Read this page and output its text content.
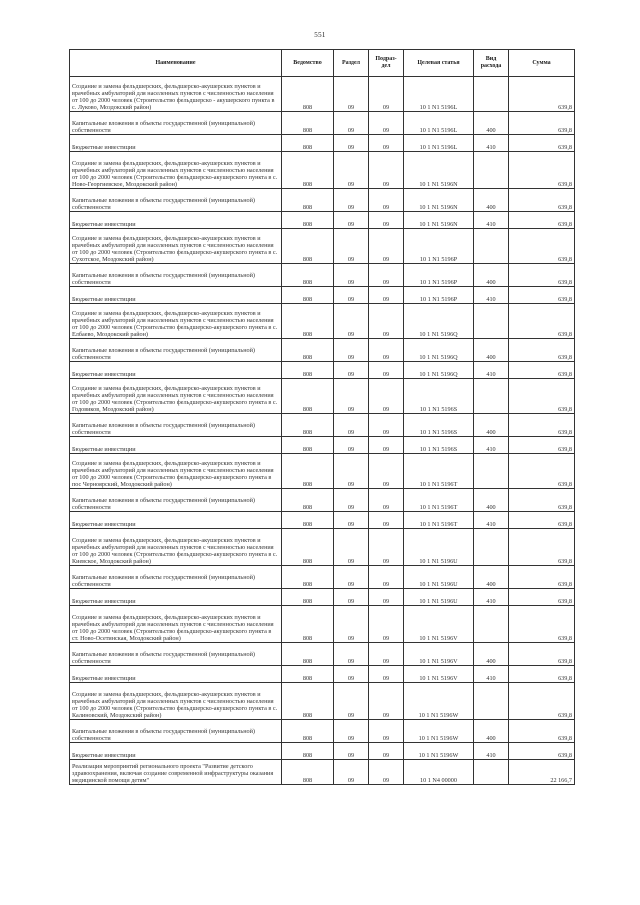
551
Наименование	Ведомство	Раздел	Подраз-дел	Целевая статья	Вид расхода	Сумма
Создание и замена фельдшерских, фельдшерско-акушерских пунктов и врачебных амбулаторий для населенных пунктов с численностью населения от 100 до 2000 человек (Строительство фельдшерско - акушерского пункта в с. Луково, Моздокский район)	808	09	09	10 1 N1 5196L		639,8
Капитальные вложения в объекты государственной (муниципальной) собственности	808	09	09	10 1 N1 5196L	400	639,8
Бюджетные инвестиции	808	09	09	10 1 N1 5196L	410	639,8
Создание и замена фельдшерских, фельдшерско-акушерских пунктов и врачебных амбулаторий для населенных пунктов с численностью населения от 100 до 2000 человек (Строительство фельдшерско-акушерского пункта в с. Ново-Георгиевское, Моздокский район)	808	09	09	10 1 N1 5196N		639,8
Капитальные вложения в объекты государственной (муниципальной) собственности	808	09	09	10 1 N1 5196N	400	639,8
Бюджетные инвестиции	808	09	09	10 1 N1 5196N	410	639,8
Создание и замена фельдшерских, фельдшерско-акушерских пунктов и врачебных амбулаторий для населенных пунктов с численностью населения от 100 до 2000 человек (Строительство фельдшерско-акушерского пункта в с. Сухотское, Моздокский район)	808	09	09	10 1 N1 5196P		639,8
Капитальные вложения в объекты государственной (муниципальной) собственности	808	09	09	10 1 N1 5196P	400	639,8
Бюджетные инвестиции	808	09	09	10 1 N1 5196P	410	639,8
Создание и замена фельдшерских, фельдшерско-акушерских пунктов и врачебных амбулаторий для населенных пунктов с численностью населения от 100 до 2000 человек (Строительство фельдшерско-акушерского пункта в с. Елбаево, Моздокский район)	808	09	09	10 1 N1 5196Q		639,8
Капитальные вложения в объекты государственной (муниципальной) собственности	808	09	09	10 1 N1 5196Q	400	639,8
Бюджетные инвестиции	808	09	09	10 1 N1 5196Q	410	639,8
Создание и замена фельдшерских, фельдшерско-акушерских пунктов и врачебных амбулаторий для населенных пунктов с численностью населения от 100 до 2000 человек (Строительство фельдшерско-акушерского пункта в с. Годовиков, Моздокский район)	808	09	09	10 1 N1 5196S		639,8
Капитальные вложения в объекты государственной (муниципальной) собственности	808	09	09	10 1 N1 5196S	400	639,8
Бюджетные инвестиции	808	09	09	10 1 N1 5196S	410	639,8
Создание и замена фельдшерских, фельдшерско-акушерских пунктов и врачебных амбулаторий для населенных пунктов с численностью населения от 100 до 2000 человек (Строительство фельдшерско-акушерского пункта в пос Черноярский, Моздокский район)	808	09	09	10 1 N1 5196T		639,8
Капитальные вложения в объекты государственной (муниципальной) собственности	808	09	09	10 1 N1 5196T	400	639,8
Бюджетные инвестиции	808	09	09	10 1 N1 5196T	410	639,8
Создание и замена фельдшерских, фельдшерско-акушерских пунктов и врачебных амбулаторий для населенных пунктов с численностью населения от 100 до 2000 человек (Строительство фельдшерско-акушерского пункта в с. Киевское, Моздокский район)	808	09	09	10 1 N1 5196U		639,8
Капитальные вложения в объекты государственной (муниципальной) собственности	808	09	09	10 1 N1 5196U	400	639,8
Бюджетные инвестиции	808	09	09	10 1 N1 5196U	410	639,8
Создание и замена фельдшерских, фельдшерско-акушерских пунктов и врачебных амбулаторий для населенных пунктов с численностью населения от 100 до 2000 человек (Строительство фельдшерско-акушерского пункта в ст. Ново-Осетинская, Моздокский район)	808	09	09	10 1 N1 5196V		639,8
Капитальные вложения в объекты государственной (муниципальной) собственности	808	09	09	10 1 N1 5196V	400	639,8
Бюджетные инвестиции	808	09	09	10 1 N1 5196V	410	639,8
Создание и замена фельдшерских, фельдшерско-акушерских пунктов и врачебных амбулаторий для населенных пунктов с численностью населения от 100 до 2000 человек (Строительство фельдшерско-акушерского пункта в с. Калиновский, Моздокский район)	808	09	09	10 1 N1 5196W		639,8
Капитальные вложения в объекты государственной (муниципальной) собственности	808	09	09	10 1 N1 5196W	400	639,8
Бюджетные инвестиции	808	09	09	10 1 N1 5196W	410	639,8
Реализация мероприятий регионального проекта "Развитие детского здравоохранения, включая создание современной инфраструктуры оказания медицинской помощи детям"	808	09	09	10 1 N4 00000		22 166,7
